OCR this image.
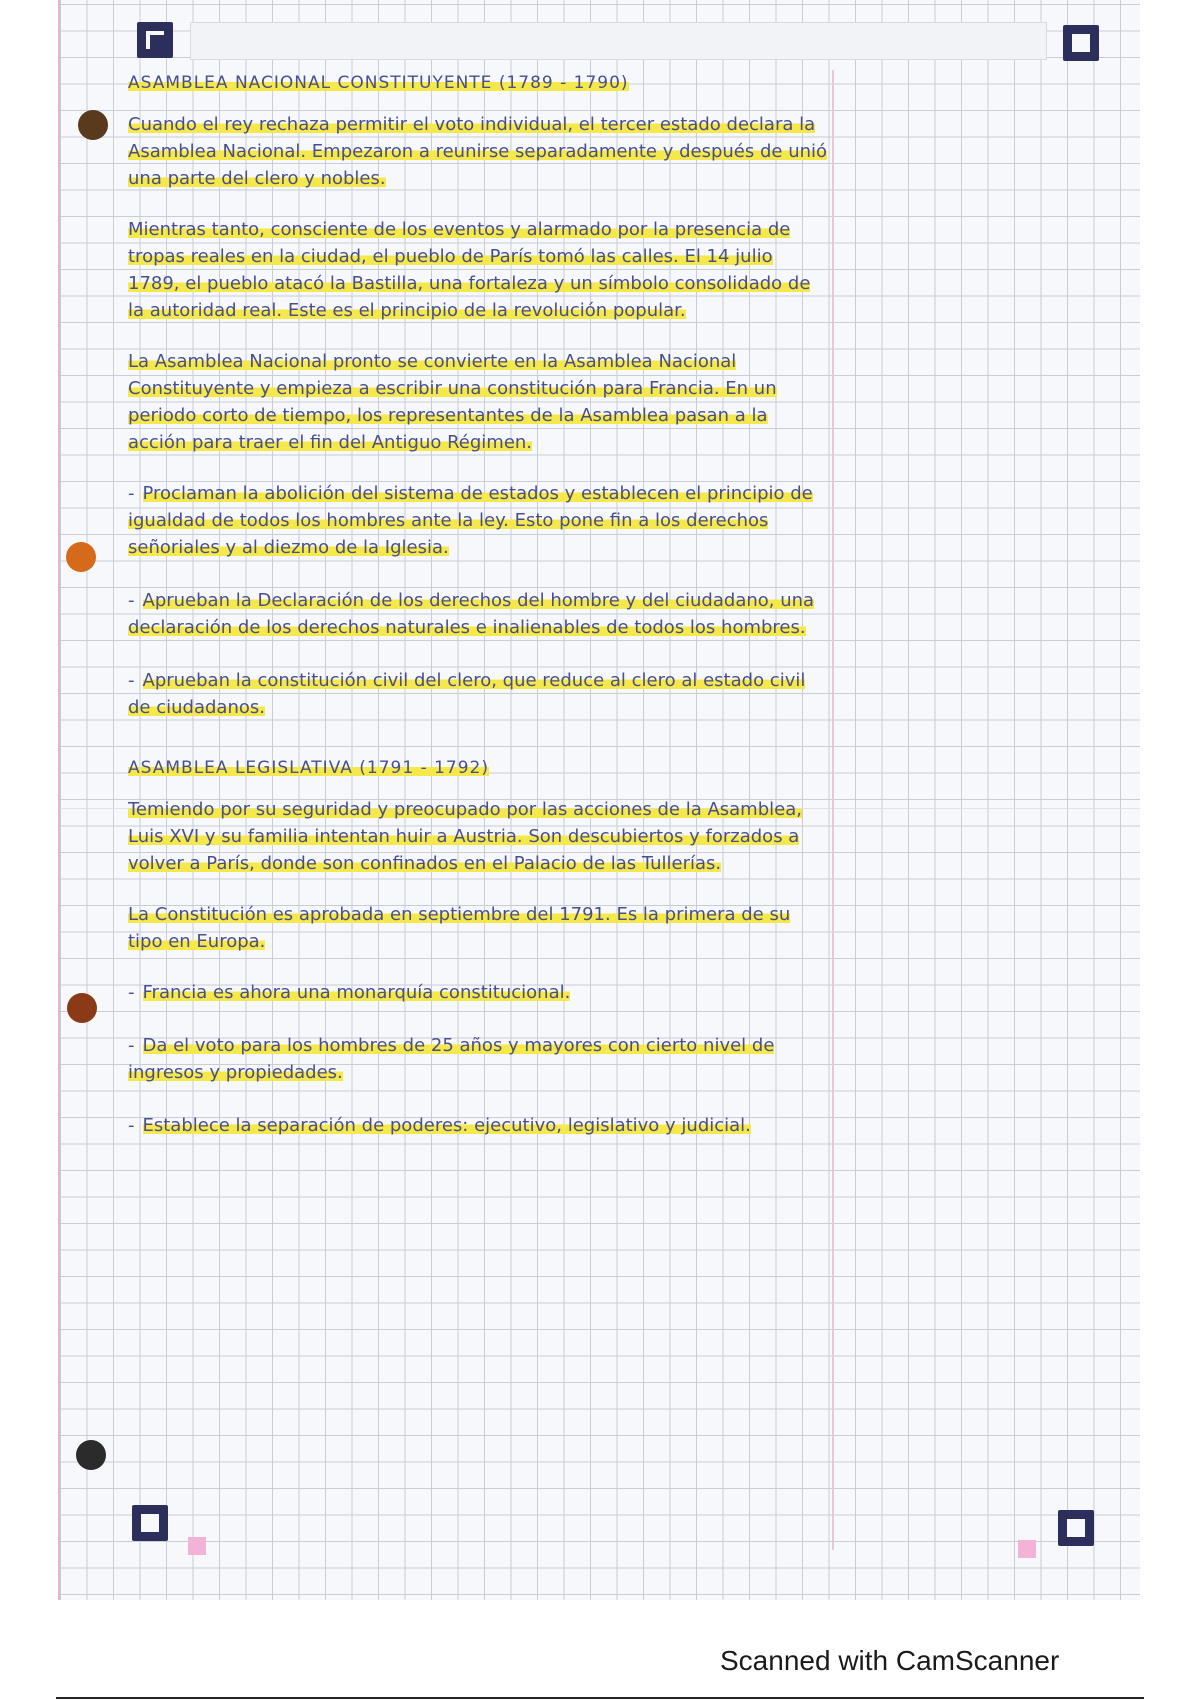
ASAMBLEA NACIONAL CONSTITUYENTE (1789 - 1790)

Cuando el rey rechaza permitir el voto individual, el tercer estado declara la Asamblea Nacional. Empezaron a reunirse separadamente y después de unió una parte del clero y nobles.

Mientras tanto, consciente de los eventos y alarmado por la presencia de tropas reales en la ciudad, el pueblo de París tomó las calles. El 14 julio 1789, el pueblo atacó la Bastilla, una fortaleza y un símbolo consolidado de la autoridad real. Este es el principio de la revolución popular.

La Asamblea Nacional pronto se convierte en la Asamblea Nacional Constituyente y empieza a escribir una constitución para Francia. En un periodo corto de tiempo, los representantes de la Asamblea pasan a la acción para traer el fin del Antiguo Régimen.

- Proclaman la abolición del sistema de estados y establecen el principio de igualdad de todos los hombres ante la ley. Esto pone fin a los derechos señoriales y al diezmo de la Iglesia.

- Aprueban la Declaración de los derechos del hombre y del ciudadano, una declaración de los derechos naturales e inalienables de todos los hombres.

- Aprueban la constitución civil del clero, que reduce al clero al estado civil de ciudadanos.

ASAMBLEA LEGISLATIVA (1791 - 1792)

Temiendo por su seguridad y preocupado por las acciones de la Asamblea, Luis XVI y su familia intentan huir a Austria. Son descubiertos y forzados a volver a París, donde son confinados en el Palacio de las Tullerías.

La Constitución es aprobada en septiembre del 1791. Es la primera de su tipo en Europa.

- Francia es ahora una monarquía constitucional.

- Da el voto para los hombres de 25 años y mayores con cierto nivel de ingresos y propiedades.

- Establece la separación de poderes: ejecutivo, legislativo y judicial.

Scanned with CamScanner
